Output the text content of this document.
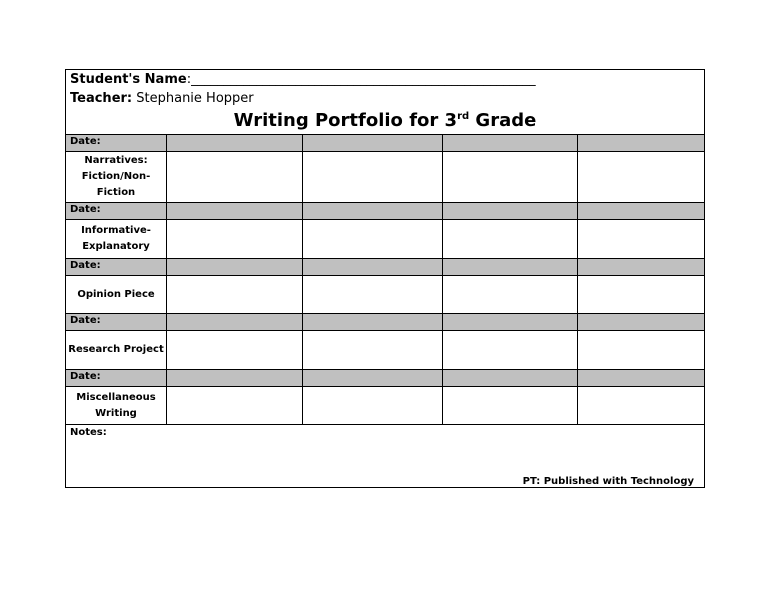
Student's Name:_____________________________________________________
Teacher: Stephanie Hopper
Writing Portfolio for 3rd Grade
Date:
Narratives: Fiction/Non-Fiction
Date:
Informative-Explanatory
Date:
Opinion Piece
Date:
Research Project
Date:
Miscellaneous Writing
Notes:
PT: Published with Technology
